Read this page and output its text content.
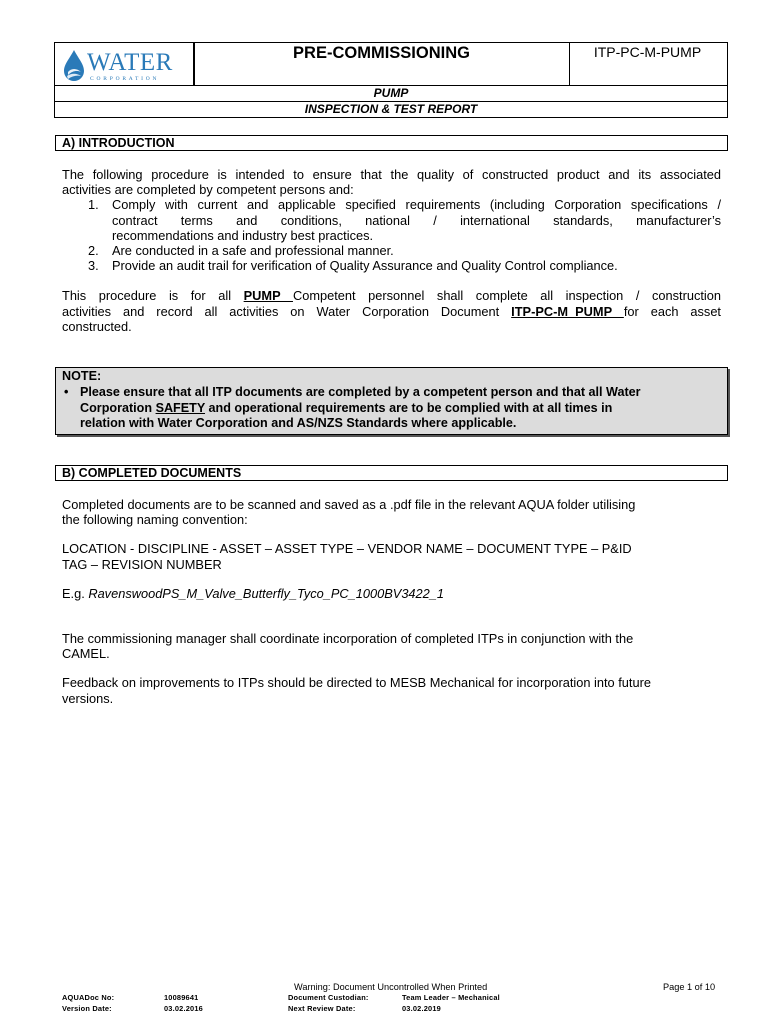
WATER
CORPORATION
PRE-COMMISSIONING	ITP-PC-M-PUMP
PUMP
INSPECTION & TEST REPORT
A) INTRODUCTION
The following procedure is intended to ensure that the quality of constructed product and its associated
activities are completed by competent persons and:
1. Comply with current and applicable specified requirements (including Corporation specifications /
contract terms and conditions, national / international standards, manufacturer’s
recommendations and industry best practices.
2. Are conducted in a safe and professional manner.
3. Provide an audit trail for verification of Quality Assurance and Quality Control compliance.
This procedure is for all PUMP Competent personnel shall complete all inspection / construction
activities and record all activities on Water Corporation Document ITP-PC-M_PUMP for each asset
constructed.
NOTE:
• Please ensure that all ITP documents are completed by a competent person and that all Water
Corporation SAFETY and operational requirements are to be complied with at all times in
relation with Water Corporation and AS/NZS Standards where applicable.
B) COMPLETED DOCUMENTS
Completed documents are to be scanned and saved as a .pdf file in the relevant AQUA folder utilising
the following naming convention:
LOCATION - DISCIPLINE - ASSET – ASSET TYPE – VENDOR NAME – DOCUMENT TYPE – P&ID
TAG – REVISION NUMBER
E.g. RavenswoodPS_M_Valve_Butterfly_Tyco_PC_1000BV3422_1
The commissioning manager shall coordinate incorporation of completed ITPs in conjunction with the
CAMEL.
Feedback on improvements to ITPs should be directed to MESB Mechanical for incorporation into future
versions.
Warning: Document Uncontrolled When Printed	Page 1 of 10
AQUADoc No:	10089641	Document Custodian:	Team Leader – Mechanical
Version Date:	03.02.2016	Next Review Date:	03.02.2019
